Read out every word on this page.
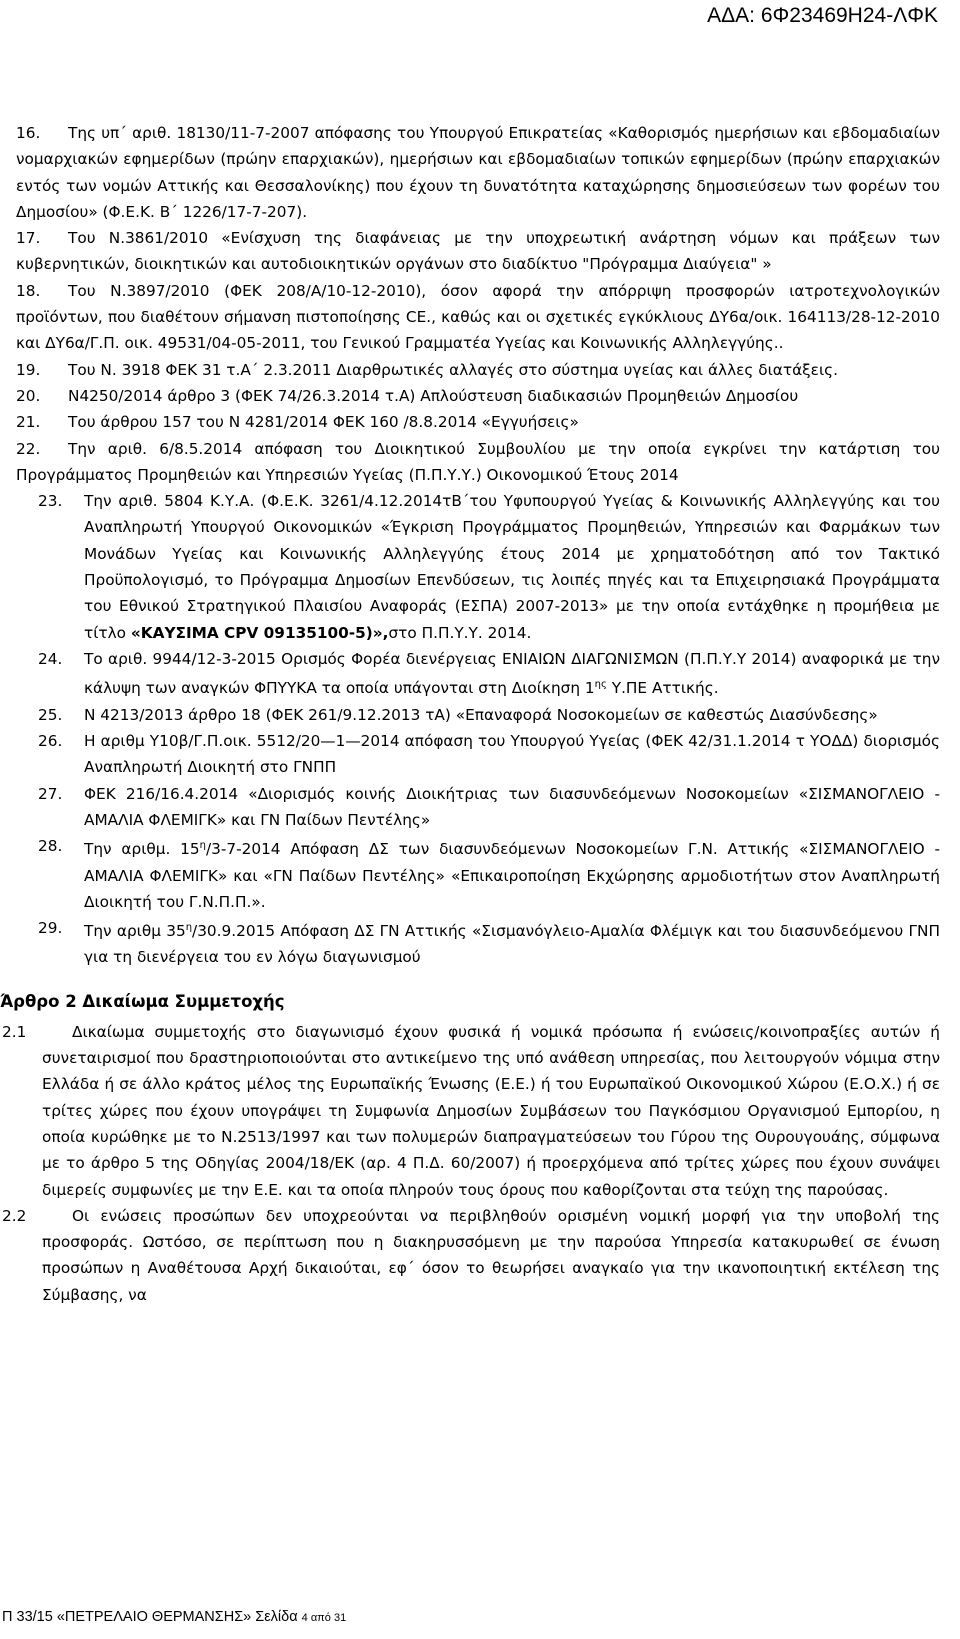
ΑΔΑ: 6Φ23469Η24-ΛΦΚ
16.	Της υπ΄ αριθ. 18130/11-7-2007 απόφασης του Υπουργού Επικρατείας «Καθορισμός ημερήσιων και εβδομαδιαίων νομαρχιακών εφημερίδων (πρώην επαρχιακών), ημερήσιων και εβδομαδιαίων τοπικών εφημερίδων (πρώην επαρχιακών εντός των νομών Αττικής και Θεσσαλονίκης) που έχουν τη δυνατότητα καταχώρησης δημοσιεύσεων των φορέων του Δημοσίου» (Φ.Ε.Κ. Β΄ 1226/17-7-207).
17.	Του Ν.3861/2010 «Ενίσχυση της διαφάνειας με την υποχρεωτική ανάρτηση νόμων και πράξεων των κυβερνητικών, διοικητικών και αυτοδιοικητικών οργάνων στο διαδίκτυο "Πρόγραμμα Διαύγεια" »
18.	Του Ν.3897/2010 (ΦΕΚ 208/Α/10-12-2010), όσον αφορά την απόρριψη προσφορών ιατροτεχνολογικών προϊόντων, που διαθέτουν σήμανση πιστοποίησης CE., καθώς και οι σχετικές εγκύκλιους ΔΥ6α/οικ. 164113/28-12-2010 και ΔΥ6α/Γ.Π. οικ. 49531/04-05-2011, του Γενικού Γραμματέα Υγείας και Κοινωνικής Αλληλεγγύης..
19.	Του Ν. 3918 ΦΕΚ 31 τ.Α΄ 2.3.2011 Διαρθρωτικές αλλαγές στο σύστημα υγείας και άλλες διατάξεις.
20.	Ν4250/2014 άρθρο 3 (ΦΕΚ 74/26.3.2014 τ.Α) Απλούστευση διαδικασιών Προμηθειών Δημοσίου
21.	Του άρθρου 157 του Ν 4281/2014 ΦΕΚ 160 /8.8.2014 «Εγγυήσεις»
22.	Την αριθ. 6/8.5.2014 απόφαση του Διοικητικού Συμβουλίου με την οποία εγκρίνει την κατάρτιση του Προγράμματος Προμηθειών και Υπηρεσιών Υγείας (Π.Π.Υ.Υ.) Οικονομικού Έτους 2014
23. Την αριθ. 5804 Κ.Υ.Α. (Φ.Ε.Κ. 3261/4.12.2014τΒ΄του Υφυπουργού Υγείας & Κοινωνικής Αλληλεγγύης και του Αναπληρωτή Υπουργού Οικονομικών «Έγκριση Προγράμματος Προμηθειών, Υπηρεσιών και Φαρμάκων των Μονάδων Υγείας και Κοινωνικής Αλληλεγγύης έτους 2014 με χρηματοδότηση από τον Τακτικό Προϋπολογισμό, το Πρόγραμμα Δημοσίων Επενδύσεων, τις λοιπές πηγές και τα Επιχειρησιακά Προγράμματα του Εθνικού Στρατηγικού Πλαισίου Αναφοράς (ΕΣΠΑ) 2007-2013» με την οποία εντάχθηκε η προμήθεια με τίτλο «ΚΑΥΣΙΜΑ CPV 09135100-5)»,στο Π.Π.Υ.Υ. 2014.
24. Το αριθ. 9944/12-3-2015 Ορισμός Φορέα διενέργειας ΕΝΙΑΙΩΝ ΔΙΑΓΩΝΙΣΜΩΝ (Π.Π.Υ.Υ 2014) αναφορικά με την κάλυψη των αναγκών ΦΠΥΥΚΑ τα οποία υπάγονται στη Διοίκηση $1^{\eta\varsigma}$ Υ.ΠΕ Αττικής.
25. Ν 4213/2013 άρθρο 18 (ΦΕΚ 261/9.12.2013 τΑ) «Επαναφορά Νοσοκομείων σε καθεστώς Διασύνδεσης»
26. Η αριθμ Υ10β/Γ.Π.οικ. 5512/20—1—2014 απόφαση του Υπουργού Υγείας (ΦΕΚ 42/31.1.2014 τ ΥΟΔΔ) διορισμός Αναπληρωτή Διοικητή στο ΓΝΠΠ
27. ΦΕΚ 216/16.4.2014 «Διορισμός κοινής Διοικήτριας των διασυνδεόμενων Νοσοκομείων «ΣΙΣΜΑΝΟΓΛΕΙΟ - ΑΜΑΛΙΑ ΦΛΕΜΙΓΚ» και ΓΝ Παίδων Πεντέλης»
28. Την αριθμ. $15^\eta/3-7-2014$ Απόφαση ΔΣ των διασυνδεόμενων Νοσοκομείων Γ.Ν. Αττικής «ΣΙΣΜΑΝΟΓΛΕΙΟ - ΑΜΑΛΙΑ ΦΛΕΜΙΓΚ» και «ΓΝ Παίδων Πεντέλης» «Επικαιροποίηση Εκχώρησης αρμοδιοτήτων στον Αναπληρωτή Διοικητή του Γ.Ν.Π.Π.».
29. Την αριθμ $35^\eta/30.9.2015$ Απόφαση ΔΣ ΓΝ Αττικής «Σισμανόγλειο-Αμαλία Φλέμιγκ και του διασυνδεόμενου ΓΝΠ για τη διενέργεια του εν λόγω διαγωνισμού
Άρθρο 2 Δικαίωμα Συμμετοχής
2.1	Δικαίωμα συμμετοχής στο διαγωνισμό έχουν φυσικά ή νομικά πρόσωπα ή ενώσεις/κοινοπραξίες αυτών ή συνεταιρισμοί που δραστηριοποιούνται στο αντικείμενο της υπό ανάθεση υπηρεσίας, που λειτουργούν νόμιμα στην Ελλάδα ή σε άλλο κράτος μέλος της Ευρωπαϊκής Ένωσης (Ε.Ε.) ή του Ευρωπαϊκού Οικονομικού Χώρου (Ε.Ο.Χ.) ή σε τρίτες χώρες που έχουν υπογράψει τη Συμφωνία Δημοσίων Συμβάσεων του Παγκόσμιου Οργανισμού Εμπορίου, η οποία κυρώθηκε με το Ν.2513/1997 και των πολυμερών διαπραγματεύσεων του Γύρου της Ουρουγουάης, σύμφωνα με το άρθρο 5 της Οδηγίας 2004/18/ΕΚ (αρ. 4 Π.Δ. 60/2007) ή προερχόμενα από τρίτες χώρες που έχουν συνάψει διμερείς συμφωνίες με την Ε.Ε. και τα οποία πληρούν τους όρους που καθορίζονται στα τεύχη της παρούσας.
2.2	Οι ενώσεις προσώπων δεν υποχρεούνται να περιβληθούν ορισμένη νομική μορφή για την υποβολή της προσφοράς. Ωστόσο, σε περίπτωση που η διακηρυσσόμενη με την παρούσα Υπηρεσία κατακυρωθεί σε ένωση προσώπων η Αναθέτουσα Αρχή δικαιούται, εφ΄ όσον το θεωρήσει αναγκαίο για την ικανοποιητική εκτέλεση της Σύμβασης, να
Π 33/15 «ΠΕΤΡΕΛΑΙΟ ΘΕΡΜΑΝΣΗΣ» Σελίδα 4 από 31
